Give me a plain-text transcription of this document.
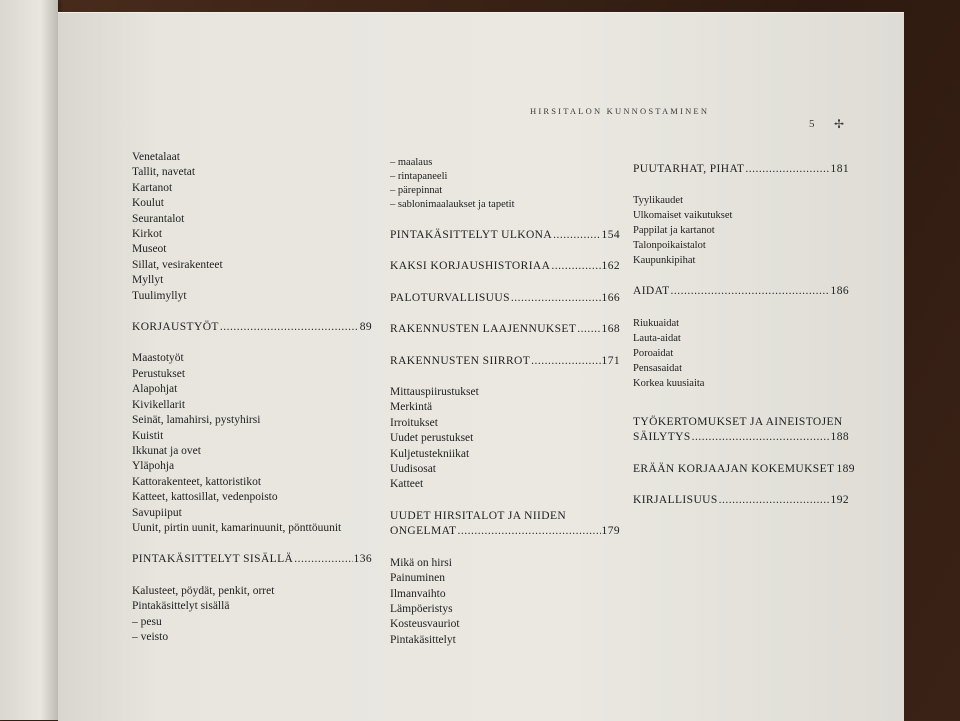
HIRSITALON KUNNOSTAMINEN
5 ✢
Venetalaat
Tallit, navetat
Kartanot
Koulut
Seurantalot
Kirkot
Museot
Sillat, vesirakenteet
Myllyt
Tuulimyllyt
KORJAUSTYÖT .....	89
Maastotyöt
Perustukset
Alapohjat
Kivikellarit
Seinät, lamahirsi, pystyhirsi
Kuistit
Ikkunat ja ovet
Yläpohja
Kattorakenteet, kattoristikot
Katteet, kattosillat, vedenpoisto
Savupiiput
Uunit, pirtin uunit, kamarinuunit, pönttöuunit
PINTAKÄSITTELYT SISÄLLÄ .....	136
Kalusteet, pöydät, penkit, orret
Pintakäsittelyt sisällä
– pesu
– veisto
– maalaus
– rintapaneeli
– pärepinnat
– sablonimaalaukset ja tapetit
PINTAKÄSITTELYT ULKONA .....	154
KAKSI KORJAUSHISTORIAA .....	162
PALOTURVALLISUUS .....	166
RAKENNUSTEN LAAJENNUKSET ..... 168
RAKENNUSTEN SIIRROT .....	171
Mittauspiirustukset
Merkintä
Irroitukset
Uudet perustukset
Kuljetustekniikat
Uudisosat
Katteet
UUDET HIRSITALOT JA NIIDEN
ONGELMAT .....	179
Mikä on hirsi
Painuminen
Ilmanvaihto
Lämpöeristys
Kosteusvauriot
Pintakäsittelyt
PUUTARHAT, PIHAT .....	181
Tyylikaudet
Ulkomaiset vaikutukset
Pappilat ja kartanot
Talonpoikaistalot
Kaupunkipihat
AIDAT .....	186
Riukuaidat
Lauta-aidat
Poroaidat
Pensasaidat
Korkea kuusiaita
TYÖKERTOMUKSET JA AINEISTOJEN
SÄILYTYS .....	188
ERÄÄN KORJAAJAN KOKEMUKSET 189
KIRJALLISUUS .....	192
